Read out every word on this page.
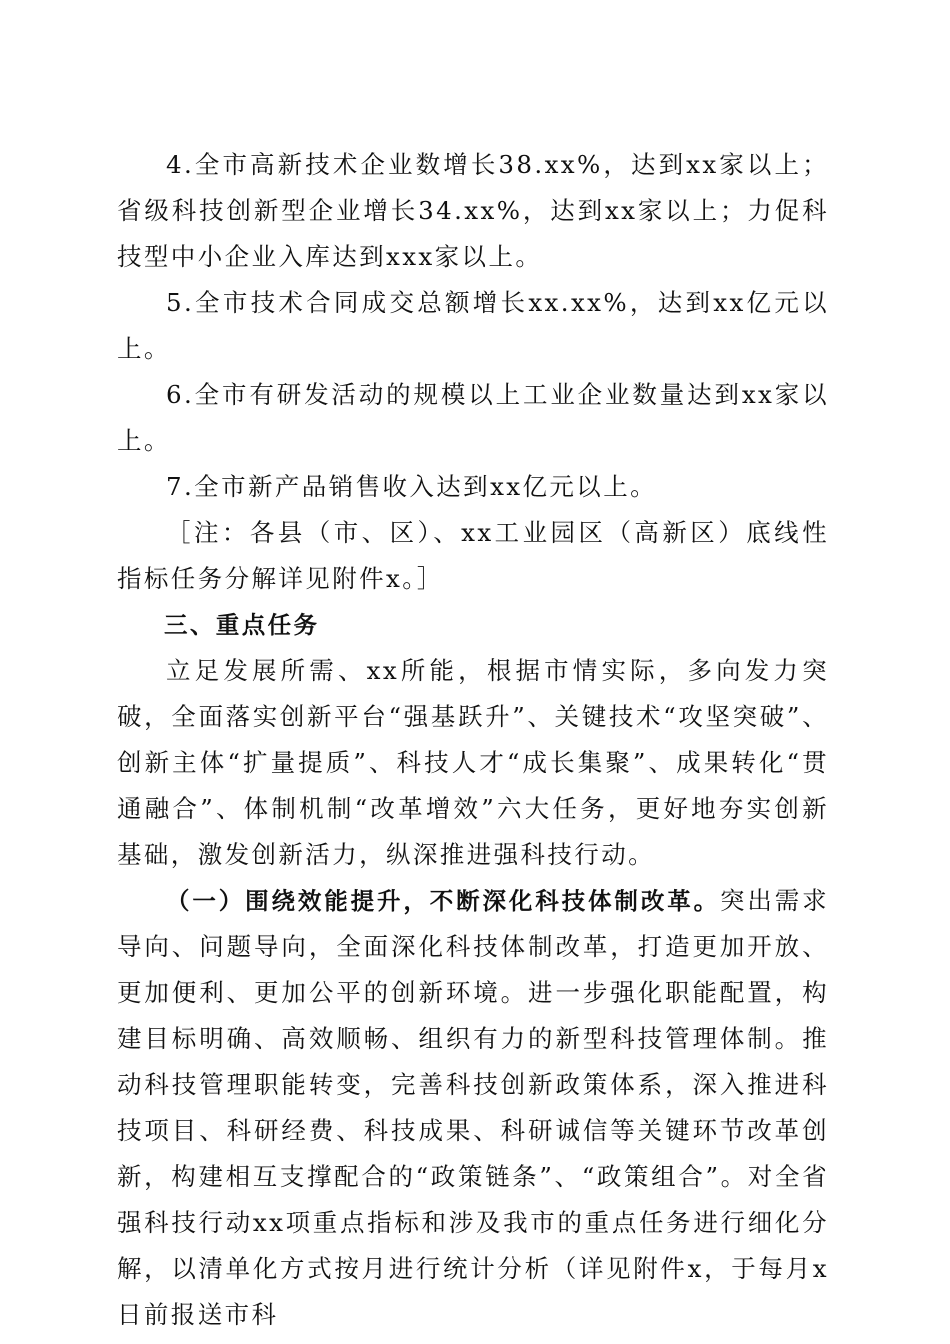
4.全市高新技术企业数增长38.xx%，达到xx家以上；省级科技创新型企业增长34.xx%，达到xx家以上；力促科技型中小企业入库达到xxx家以上。

5.全市技术合同成交总额增长xx.xx%，达到xx亿元以上。

6.全市有研发活动的规模以上工业企业数量达到xx家以上。

7.全市新产品销售收入达到xx亿元以上。

［注：各县（市、区）、xx工业园区（高新区）底线性指标任务分解详见附件x。］

三、重点任务

立足发展所需、xx所能，根据市情实际，多向发力突破，全面落实创新平台“强基跃升”、关键技术“攻坚突破”、创新主体“扩量提质”、科技人才“成长集聚”、成果转化“贯通融合”、体制机制“改革增效”六大任务，更好地夯实创新基础，激发创新活力，纵深推进强科技行动。

（一）围绕效能提升，不断深化科技体制改革。突出需求导向、问题导向，全面深化科技体制改革，打造更加开放、更加便利、更加公平的创新环境。进一步强化职能配置，构建目标明确、高效顺畅、组织有力的新型科技管理体制。推动科技管理职能转变，完善科技创新政策体系，深入推进科技项目、科研经费、科技成果、科研诚信等关键环节改革创新，构建相互支撑配合的“政策链条”、“政策组合”。对全省强科技行动xx项重点指标和涉及我市的重点任务进行细化分解，以清单化方式按月进行统计分析（详见附件x，于每月x日前报送市科
